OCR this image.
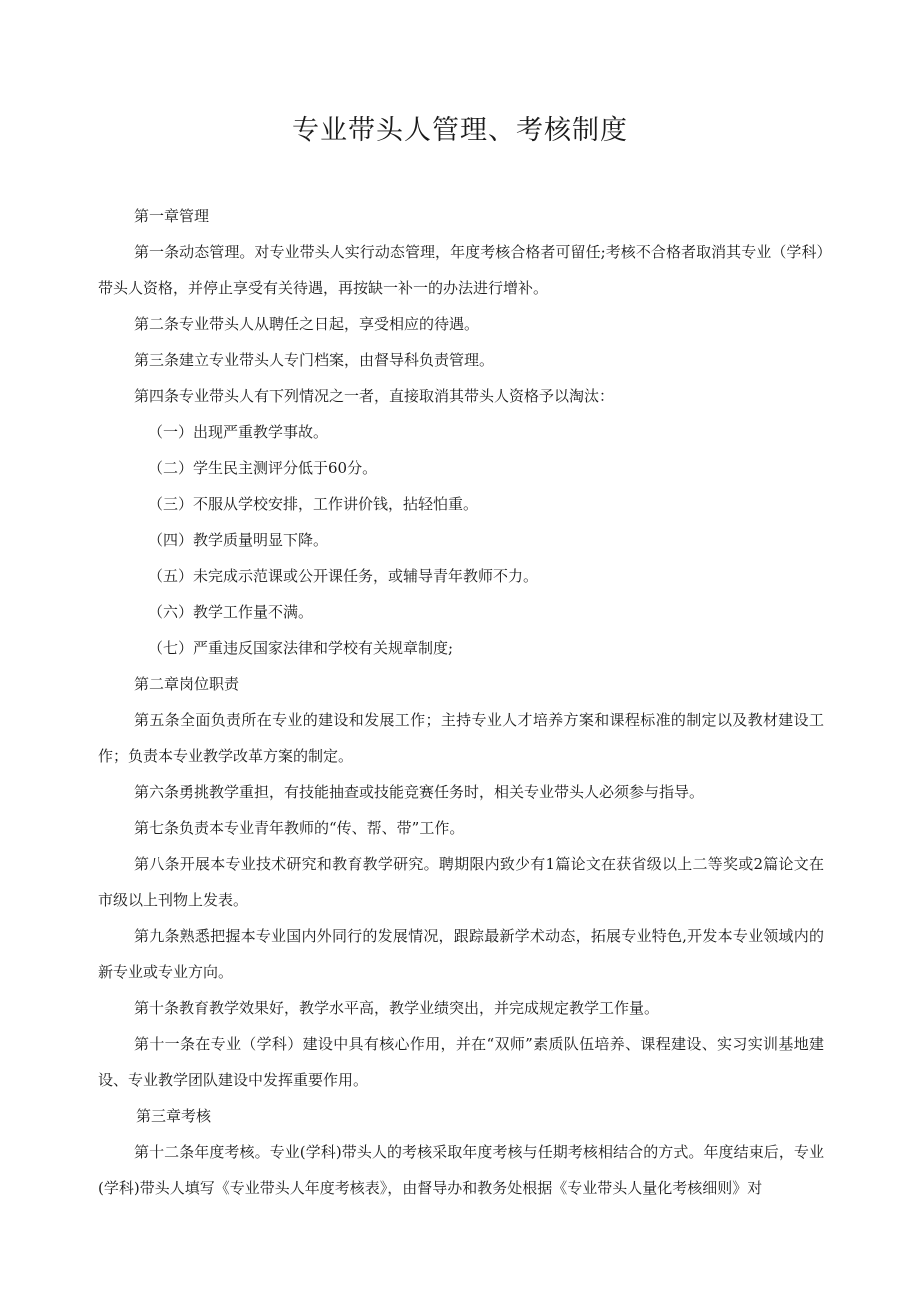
专业带头人管理、考核制度

第一章管理

第一条动态管理。对专业带头人实行动态管理，年度考核合格者可留任;考核不合格者取消其专业（学科）带头人资格，并停止享受有关待遇，再按缺一补一的办法进行增补。

第二条专业带头人从聘任之日起，享受相应的待遇。

第三条建立专业带头人专门档案，由督导科负责管理。

第四条专业带头人有下列情况之一者，直接取消其带头人资格予以淘汰：

（一）出现严重教学事故。

（二）学生民主测评分低于60分。

（三）不服从学校安排，工作讲价钱，拈轻怕重。

（四）教学质量明显下降。

（五）未完成示范课或公开课任务，或辅导青年教师不力。

（六）教学工作量不满。

（七）严重违反国家法律和学校有关规章制度;

第二章岗位职责

第五条全面负责所在专业的建设和发展工作；主持专业人才培养方案和课程标准的制定以及教材建设工作；负责本专业教学改革方案的制定。

第六条勇挑教学重担，有技能抽查或技能竞赛任务时，相关专业带头人必须参与指导。

第七条负责本专业青年教师的“传、帮、带”工作。

第八条开展本专业技术研究和教育教学研究。聘期限内致少有1篇论文在获省级以上二等奖或2篇论文在市级以上刊物上发表。

第九条熟悉把握本专业国内外同行的发展情况，跟踪最新学术动态，拓展专业特色,开发本专业领域内的新专业或专业方向。

第十条教育教学效果好，教学水平高，教学业绩突出，并完成规定教学工作量。

第十一条在专业（学科）建设中具有核心作用，并在“双师”素质队伍培养、课程建设、实习实训基地建设、专业教学团队建设中发挥重要作用。

第三章考核

第十二条年度考核。专业(学科)带头人的考核采取年度考核与任期考核相结合的方式。年度结束后，专业(学科)带头人填写《专业带头人年度考核表》，由督导办和教务处根据《专业带头人量化考核细则》对
